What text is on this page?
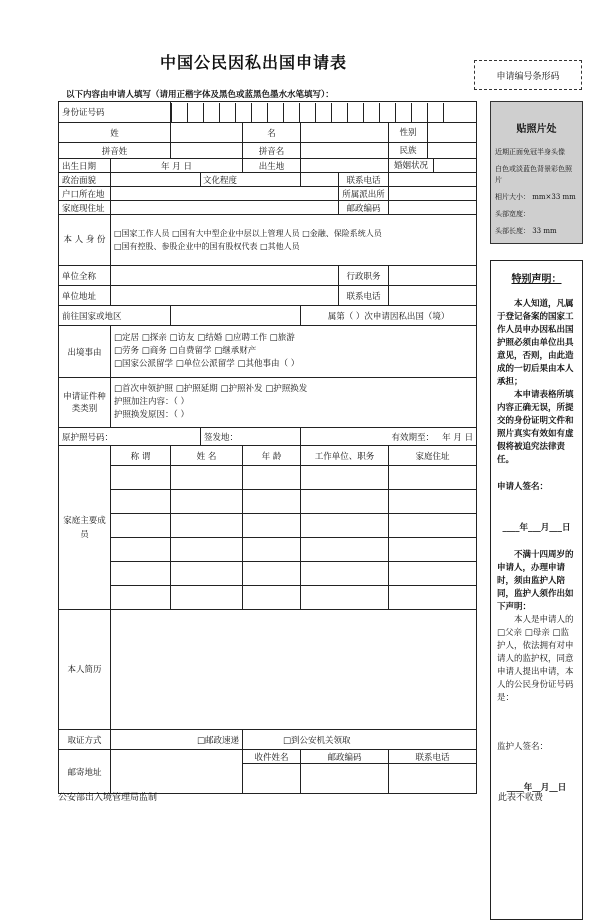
中国公民因私出国申请表
申请编号条形码
以下内容由申请人填写（请用正楷字体及黑色或蓝黑色墨水水笔填写）：
身份证号码							
姓				名			性别
拼音姓				拼音名			民族
出生日期	年 月 日			出生地			婚姻状况
政治面貌			文化程度			联系电话	
户口所在地						所属派出所	
家庭现住址						邮政编码	
本 人 身 份	□国家工作人员 □国有大中型企业中层以上管理人员 □金融、保险系统人员
□国有控股、参股企业中的国有股权代表 □其他人员						

单位全称						行政职务	
单位地址						联系电话	
前往国家或地区					属第（ ）次申请因私出国（境）		
出境事由	□定居 □探亲 □访友 □结婚 □应聘工作 □旅游
□劳务 □商务 □自费留学 □继承财产
□国家公派留学 □单位公派留学 □其他事由（ ）						

申请证件种类类别	□首次申领护照 □护照延期 □护照补发 □护照换发
护照加注内容：（ ）
护照换发原因：（ ）						

原护照号码：			签发地：		有效期至： 年 月 日		
家庭主要成员	称 谓	姓 名		年 龄	工作单位、职务		家庭住址

本人简历							
取证方式	□邮政速递			□到公安机关领取			
邮寄地址				收件姓名	邮政编码		联系电话

贴照片处
近期正面免冠半身头像
白色或淡蓝色背景彩色照片
相片大小： mm×33 mm
头部宽度：
头部长度： 33 mm
特别声明：

本人知道，凡属于登记备案的国家工作人员申办因私出国护照必须由单位出具意见，否则，由此造成的一切后果由本人承担；

本申请表格所填内容正确无误，所提交的身份证明文件和照片真实有效如有虚假将被追究法律责任。

申请人签名：
____年___月___日

不满十四周岁的申请人，办理申请时，须由监护人陪同，监护人须作出如下声明：

本人是申请人的□父亲 □母亲 □监护人，依法拥有对申请人的监护权，同意申请人提出申请，本人的公民身份证号码是：

监护人签名：
____年__月__日
公安部出入境管理局监制	此表不收费
